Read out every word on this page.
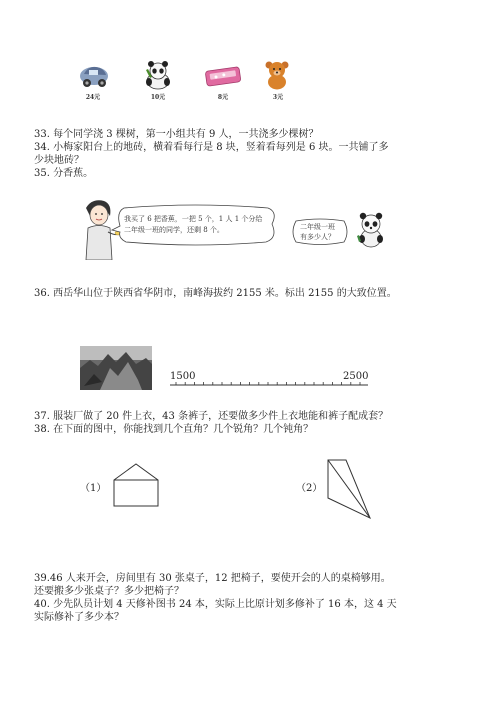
24元	10元	8元	3元
33. 每个同学浇 3 棵树，第一小组共有 9 人，一共浇多少棵树？
34. 小梅家阳台上的地砖，横着看每行是 8 块，竖着看每列是 6 块。一共铺了多
少块地砖？
35. 分香蕉。
我买了 6 把香蕉，一把 5 个，1 人 1 个分给
二年级一班的同学，还剩 8 个。	二年级一班
有多少人？
36. 西岳华山位于陕西省华阴市，南峰海拔约 2155 米。标出 2155 的大致位置。
1500	2500
37. 服装厂做了 20 件上衣，43 条裤子，还要做多少件上衣地能和裤子配成套？
38. 在下面的图中，你能找到几个直角？几个锐角？几个钝角？
（1）	（2）
39.46 人来开会，房间里有 30 张桌子，12 把椅子，要使开会的人的桌椅够用。
还要搬多少张桌子？多少把椅子？
40. 少先队员计划 4 天修补图书 24 本，实际上比原计划多修补了 16 本，这 4 天
实际修补了多少本？
